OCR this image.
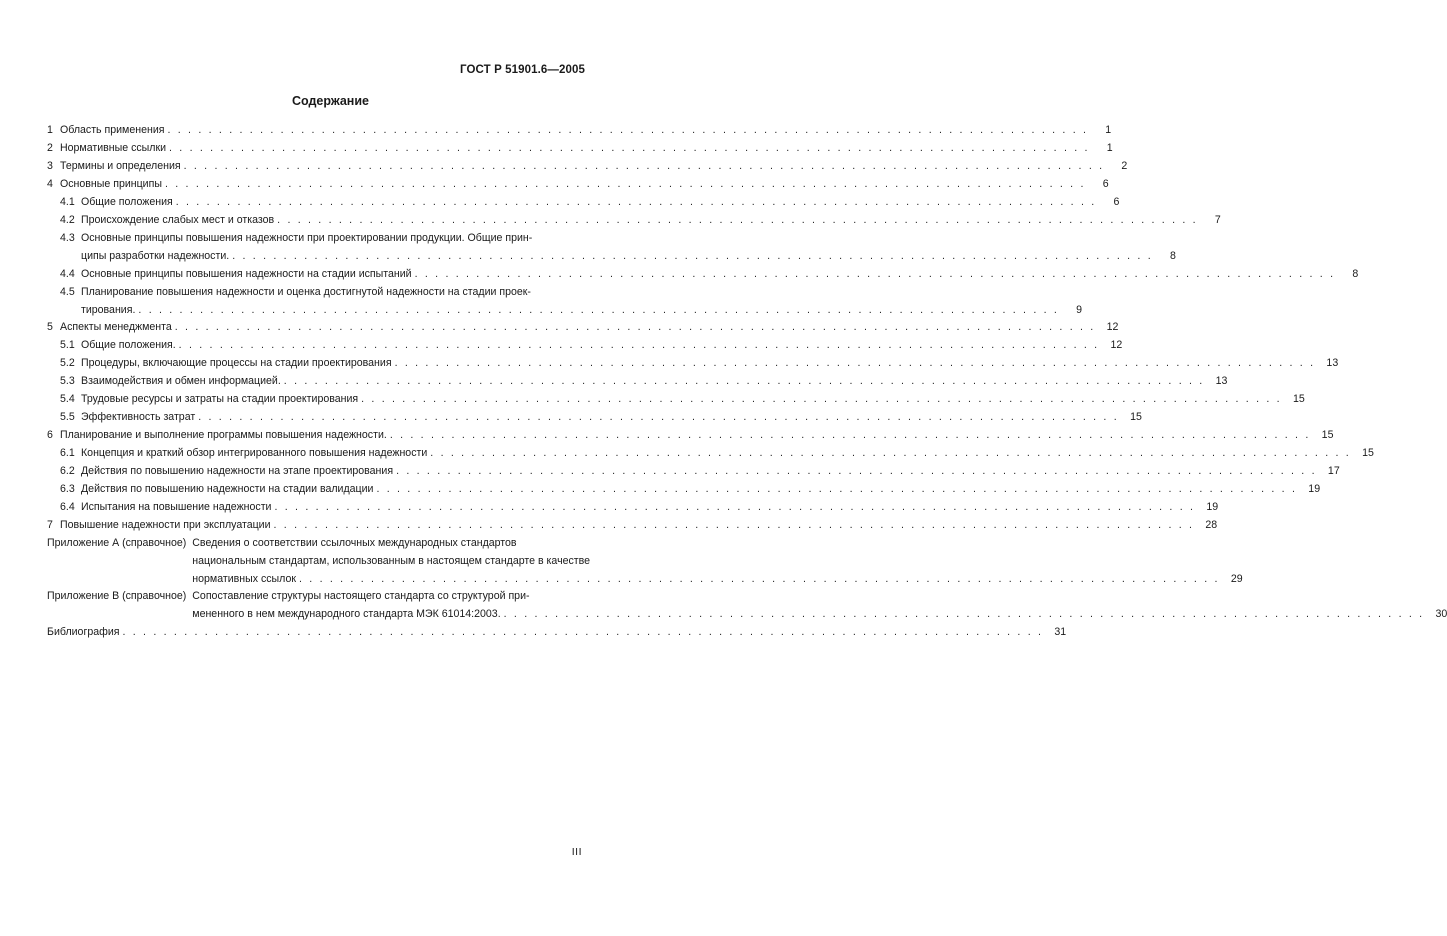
ГОСТ Р 51901.6—2005
Содержание
1 Область применения . . . . . . . . . . . . . . . . . . . . . . . . . . . . . . . . . . . . . . . . . . . . . . . . . . . . . . . . . . . . . . . . . . . . . . . . . . . . . . . . . . . . . . . . . .	1
2 Нормативные ссылки . . . . . . . . . . . . . . . . . . . . . . . . . . . . . . . . . . . . . . . . . . . . . . . . . . . . . . . . . . . . . . . . . . . . . . . . . . . . . . . . . . . . . . . . . .	1
3 Термины и определения . . . . . . . . . . . . . . . . . . . . . . . . . . . . . . . . . . . . . . . . . . . . . . . . . . . . . . . . . . . . . . . . . . . . . . . . . . . . . . . . . . . . . . . . . .	2
4 Основные принципы . . . . . . . . . . . . . . . . . . . . . . . . . . . . . . . . . . . . . . . . . . . . . . . . . . . . . . . . . . . . . . . . . . . . . . . . . . . . . . . . . . . . . . . . . .	6
4.1 Общие положения . . . . . . . . . . . . . . . . . . . . . . . . . . . . . . . . . . . . . . . . . . . . . . . . . . . . . . . . . . . . . . . . . . . . . . . . . . . . . . . . . . . . . . . . . .	6
4.2 Происхождение слабых мест и отказов . . . . . . . . . . . . . . . . . . . . . . . . . . . . . . . . . . . . . . . . . . . . . . . . . . . . . . . . . . . . . . . . . . . . . . . . . . . . . . . . . . . . . . . . . .	7
4.3 Основные принципы повышения надежности при проектировании продукции. Общие прин-
ципы разработки надежности. . . . . . . . . . . . . . . . . . . . . . . . . . . . . . . . . . . . . . . . . . . . . . . . . . . . . . . . . . . . . . . . . . . . . . . . . . . . . . . . . . . . . . . . . . .	8
4.4 Основные принципы повышения надежности на стадии испытаний . . . . . . . . . . . . . . . . . . . . . . . . . . . . . . . . . . . . . . . . . . . . . . . . . . . . . . . . . . . . . . . . . . . . . . . . . . . . . . . . . . . . . . . . . .	8
4.5 Планирование повышения надежности и оценка достигнутой надежности на стадии проек-
тирования. . . . . . . . . . . . . . . . . . . . . . . . . . . . . . . . . . . . . . . . . . . . . . . . . . . . . . . . . . . . . . . . . . . . . . . . . . . . . . . . . . . . . . . . . . .	9
5 Аспекты менеджмента . . . . . . . . . . . . . . . . . . . . . . . . . . . . . . . . . . . . . . . . . . . . . . . . . . . . . . . . . . . . . . . . . . . . . . . . . . . . . . . . . . . . . . . . . .	12
5.1 Общие положения. . . . . . . . . . . . . . . . . . . . . . . . . . . . . . . . . . . . . . . . . . . . . . . . . . . . . . . . . . . . . . . . . . . . . . . . . . . . . . . . . . . . . . . . . . .	12
5.2 Процедуры, включающие процессы на стадии проектирования . . . . . . . . . . . . . . . . . . . . . . . . . . . . . . . . . . . . . . . . . . . . . . . . . . . . . . . . . . . . . . . . . . . . . . . . . . . . . . . . . . . . . . . . . .	13
5.3 Взаимодействия и обмен информацией. . . . . . . . . . . . . . . . . . . . . . . . . . . . . . . . . . . . . . . . . . . . . . . . . . . . . . . . . . . . . . . . . . . . . . . . . . . . . . . . . . . . . . . . . . .	13
5.4 Трудовые ресурсы и затраты на стадии проектирования . . . . . . . . . . . . . . . . . . . . . . . . . . . . . . . . . . . . . . . . . . . . . . . . . . . . . . . . . . . . . . . . . . . . . . . . . . . . . . . . . . . . . . . . . .	15
5.5 Эффективность затрат . . . . . . . . . . . . . . . . . . . . . . . . . . . . . . . . . . . . . . . . . . . . . . . . . . . . . . . . . . . . . . . . . . . . . . . . . . . . . . . . . . . . . . . . . .	15
6 Планирование и выполнение программы повышения надежности. . . . . . . . . . . . . . . . . . . . . . . . . . . . . . . . . . . . . . . . . . . . . . . . . . . . . . . . . . . . . . . . . . . . . . . . . . . . . . . . . . . . . . . . . . .	15
6.1 Концепция и краткий обзор интегрированного повышения надежности . . . . . . . . . . . . . . . . . . . . . . . . . . . . . . . . . . . . . . . . . . . . . . . . . . . . . . . . . . . . . . . . . . . . . . . . . . . . . . . . . . . . . . . . . .	15
6.2 Действия по повышению надежности на этапе проектирования . . . . . . . . . . . . . . . . . . . . . . . . . . . . . . . . . . . . . . . . . . . . . . . . . . . . . . . . . . . . . . . . . . . . . . . . . . . . . . . . . . . . . . . . . .	17
6.3 Действия по повышению надежности на стадии валидации . . . . . . . . . . . . . . . . . . . . . . . . . . . . . . . . . . . . . . . . . . . . . . . . . . . . . . . . . . . . . . . . . . . . . . . . . . . . . . . . . . . . . . . . . .	19
6.4 Испытания на повышение надежности . . . . . . . . . . . . . . . . . . . . . . . . . . . . . . . . . . . . . . . . . . . . . . . . . . . . . . . . . . . . . . . . . . . . . . . . . . . . . . . . . . . . . . . . . .	19
7 Повышение надежности при эксплуатации . . . . . . . . . . . . . . . . . . . . . . . . . . . . . . . . . . . . . . . . . . . . . . . . . . . . . . . . . . . . . . . . . . . . . . . . . . . . . . . . . . . . . . . . . .	28
Приложение А (справочное) Сведения о соответствии ссылочных международных стандартов
национальным стандартам, использованным в настоящем стандарте в качестве
нормативных ссылок . . . . . . . . . . . . . . . . . . . . . . . . . . . . . . . . . . . . . . . . . . . . . . . . . . . . . . . . . . . . . . . . . . . . . . . . . . . . . . . . . . . . . . . . . .	29
Приложение В (справочное) Сопоставление структуры настоящего стандарта со структурой при-
мененного в нем международного стандарта МЭК 61014:2003. . . . . . . . . . . . . . . . . . . . . . . . . . . . . . . . . . . . . . . . . . . . . . . . . . . . . . . . . . . . . . . . . . . . . . . . . . . . . . . . . . . . . . . . . . .	30
Библиография . . . . . . . . . . . . . . . . . . . . . . . . . . . . . . . . . . . . . . . . . . . . . . . . . . . . . . . . . . . . . . . . . . . . . . . . . . . . . . . . . . . . . . . . . .	31
III
